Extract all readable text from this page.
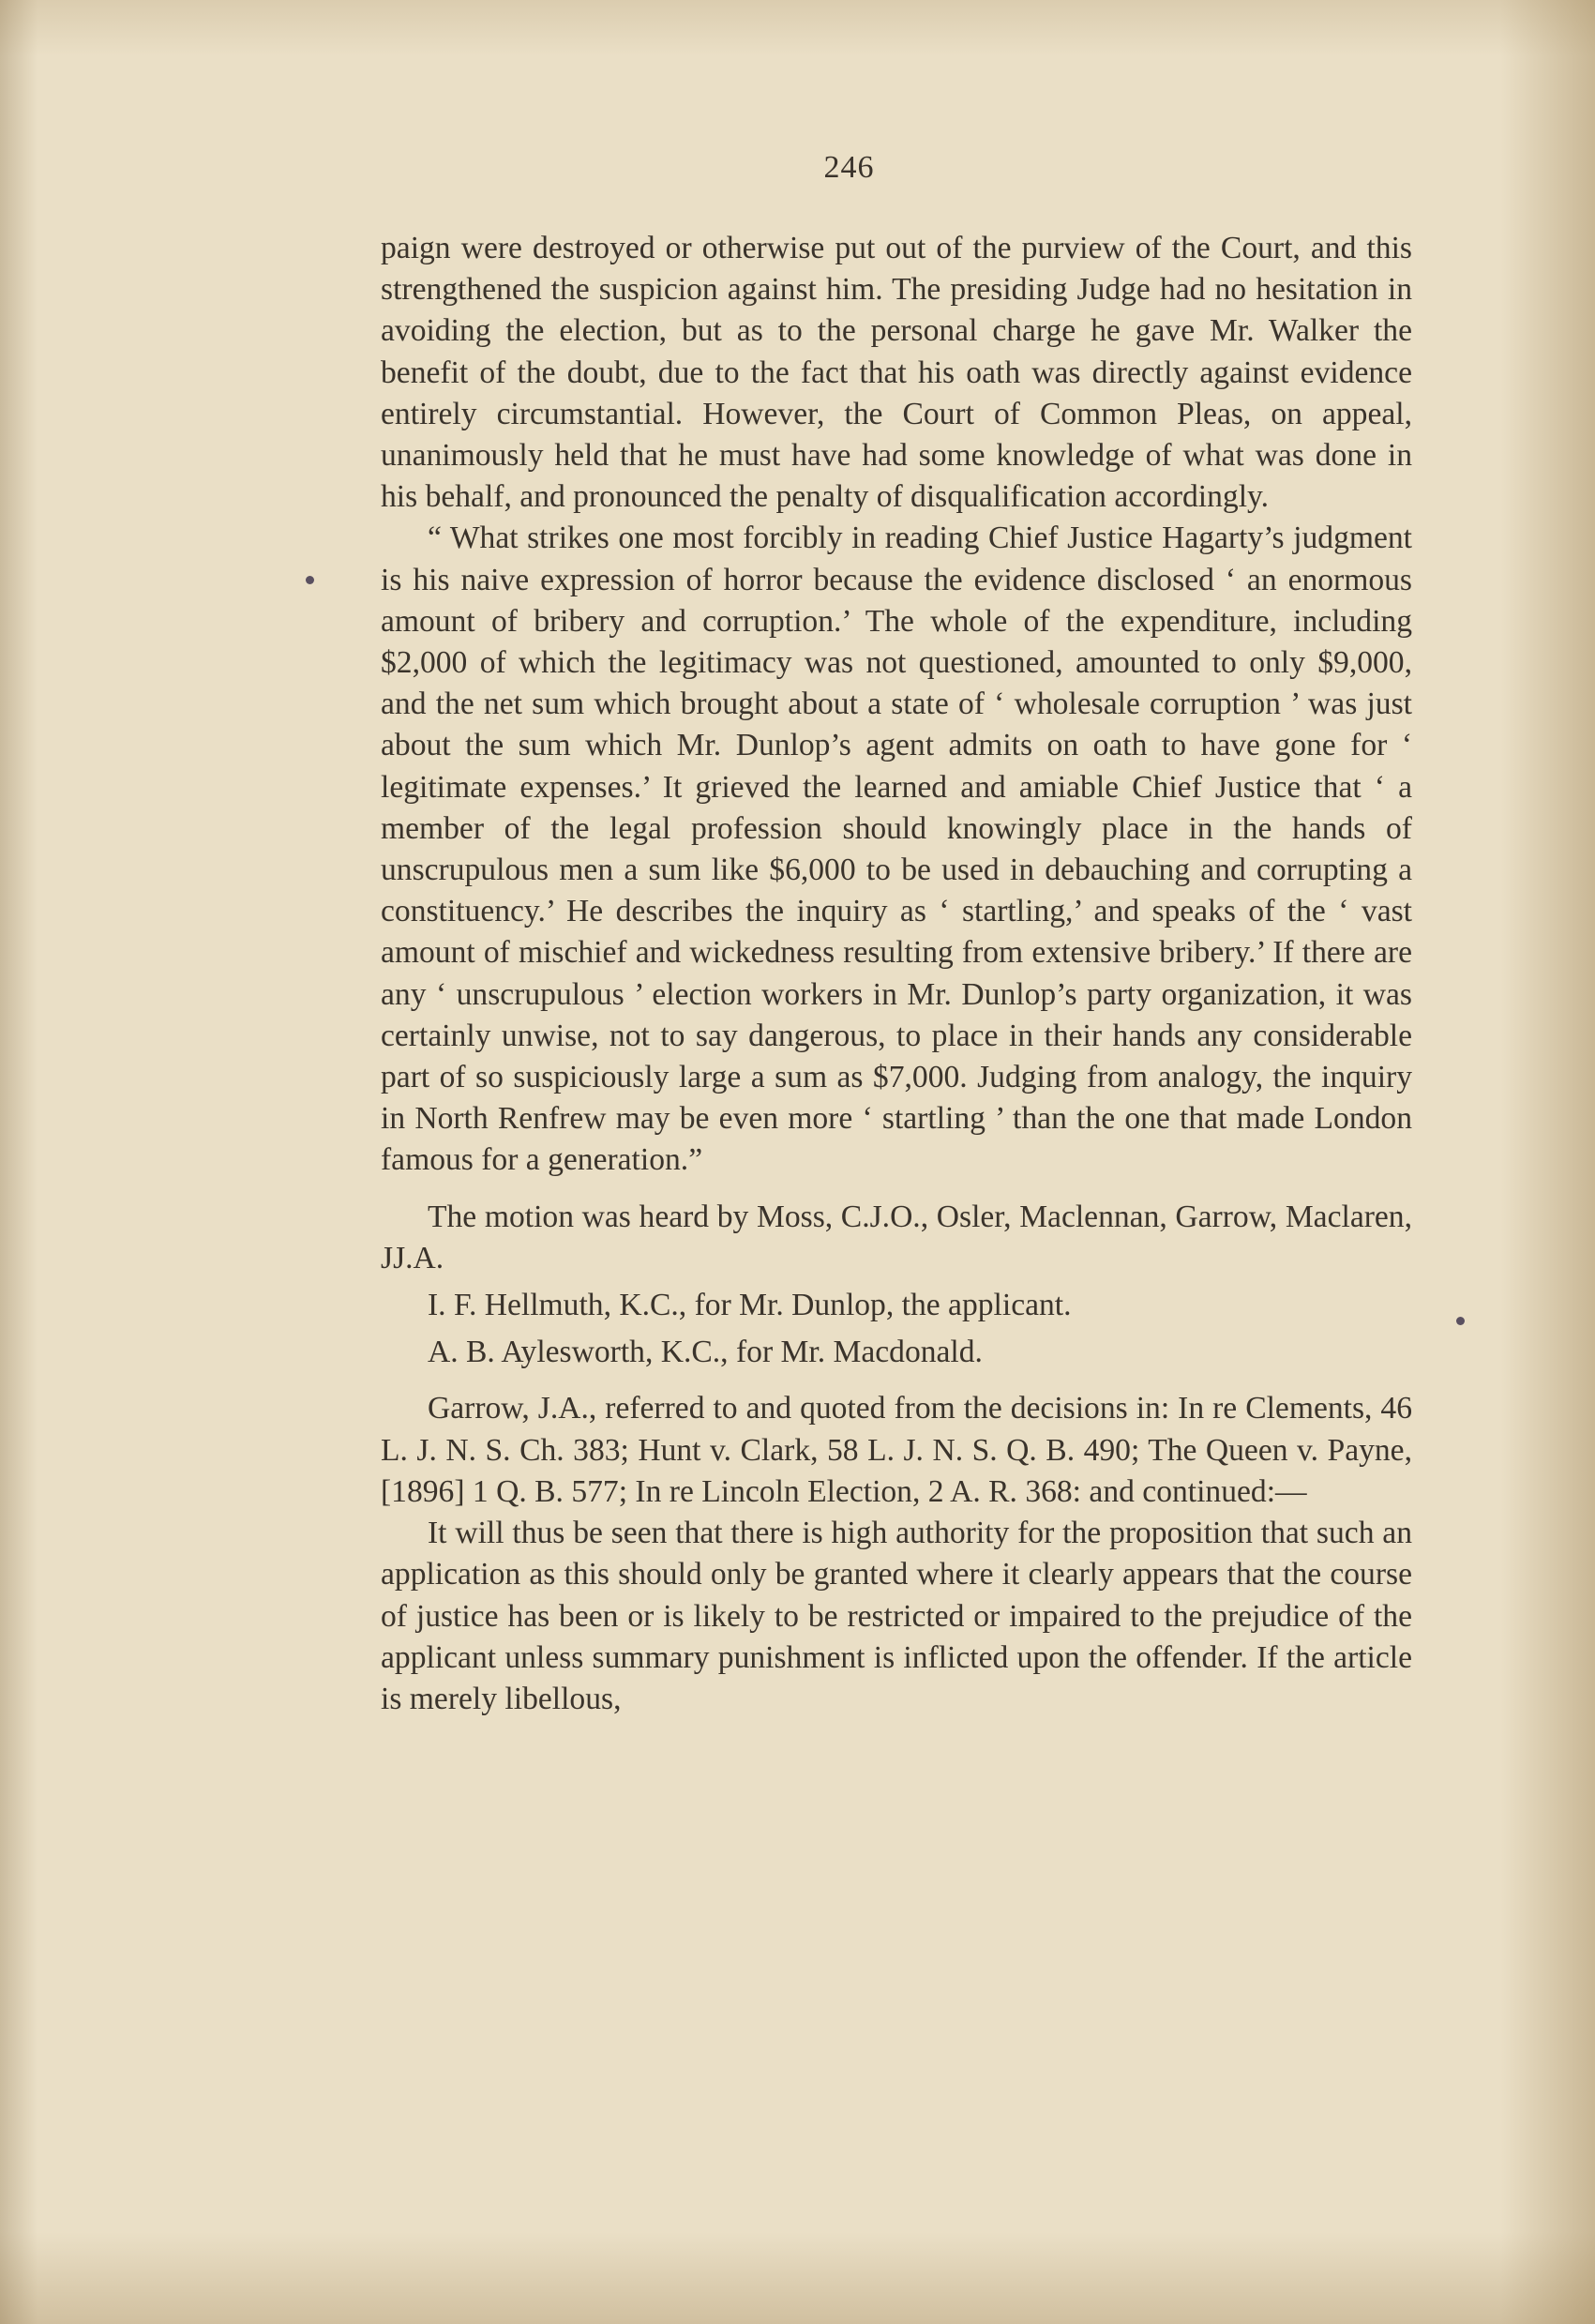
246

paign were destroyed or otherwise put out of the purview of the Court, and this strengthened the suspicion against him. The presiding Judge had no hesitation in avoiding the election, but as to the personal charge he gave Mr. Walker the benefit of the doubt, due to the fact that his oath was directly against evidence entirely circumstantial. However, the Court of Common Pleas, on appeal, unanimously held that he must have had some knowledge of what was done in his behalf, and pronounced the penalty of disqualification accordingly.

“ What strikes one most forcibly in reading Chief Justice Hagarty’s judgment is his naive expression of horror because the evidence disclosed ‘ an enormous amount of bribery and corruption.’ The whole of the expenditure, including $2,000 of which the legitimacy was not questioned, amounted to only $9,000, and the net sum which brought about a state of ‘ wholesale corruption ’ was just about the sum which Mr. Dunlop’s agent admits on oath to have gone for ‘ legitimate expenses.’ It grieved the learned and amiable Chief Justice that ‘ a member of the legal profession should knowingly place in the hands of unscrupulous men a sum like $6,000 to be used in debauching and corrupting a constituency.’ He describes the inquiry as ‘ startling,’ and speaks of the ‘ vast amount of mischief and wickedness resulting from extensive bribery.’ If there are any ‘ unscrupulous ’ election workers in Mr. Dunlop’s party organization, it was certainly unwise, not to say dangerous, to place in their hands any considerable part of so suspiciously large a sum as $7,000. Judging from analogy, the inquiry in North Renfrew may be even more ‘ startling ’ than the one that made London famous for a generation.”

The motion was heard by Moss, C.J.O., Osler, Maclennan, Garrow, Maclaren, JJ.A.

I. F. Hellmuth, K.C., for Mr. Dunlop, the applicant.

A. B. Aylesworth, K.C., for Mr. Macdonald.

Garrow, J.A., referred to and quoted from the decisions in: In re Clements, 46 L. J. N. S. Ch. 383; Hunt v. Clark, 58 L. J. N. S. Q. B. 490; The Queen v. Payne, [1896] 1 Q. B. 577; In re Lincoln Election, 2 A. R. 368: and continued:—

It will thus be seen that there is high authority for the proposition that such an application as this should only be granted where it clearly appears that the course of justice has been or is likely to be restricted or impaired to the prejudice of the applicant unless summary punishment is inflicted upon the offender. If the article is merely libellous,
